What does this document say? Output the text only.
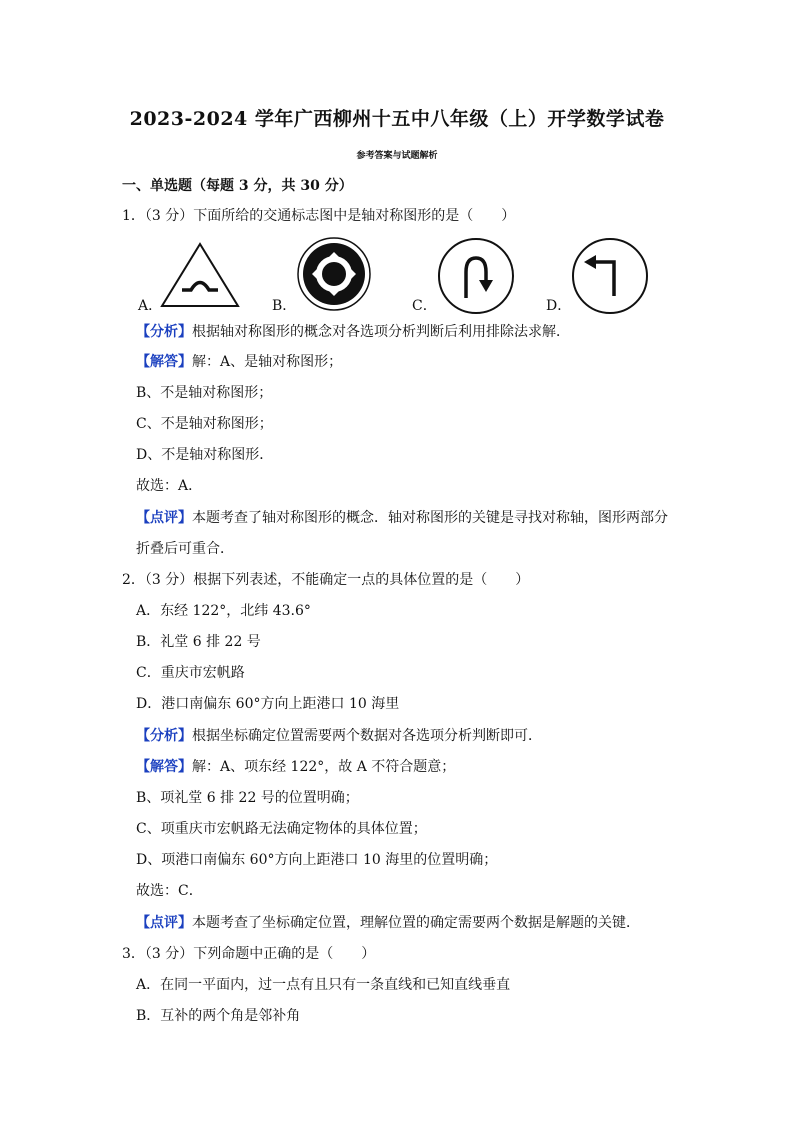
2023-2024 学年广西柳州十五中八年级（上）开学数学试卷
参考答案与试题解析
一、单选题（每题 3 分，共 30 分）
1．（3 分）下面所给的交通标志图中是轴对称图形的是（　　）
A．	B．	C．	D．
【分析】根据轴对称图形的概念对各选项分析判断后利用排除法求解．
【解答】解：A、是轴对称图形；
B、不是轴对称图形；
C、不是轴对称图形；
D、不是轴对称图形．
故选：A．
【点评】本题考查了轴对称图形的概念．轴对称图形的关键是寻找对称轴，图形两部分
折叠后可重合．
2．（3 分）根据下列表述，不能确定一点的具体位置的是（　　）
A．东经 122°，北纬 43.6°
B．礼堂 6 排 22 号
C．重庆市宏帆路
D．港口南偏东 60°方向上距港口 10 海里
【分析】根据坐标确定位置需要两个数据对各选项分析判断即可．
【解答】解：A、项东经 122°，故 A 不符合题意；
B、项礼堂 6 排 22 号的位置明确；
C、项重庆市宏帆路无法确定物体的具体位置；
D、项港口南偏东 60°方向上距港口 10 海里的位置明确；
故选：C．
【点评】本题考查了坐标确定位置，理解位置的确定需要两个数据是解题的关键．
3．（3 分）下列命题中正确的是（　　）
A．在同一平面内，过一点有且只有一条直线和已知直线垂直
B．互补的两个角是邻补角
